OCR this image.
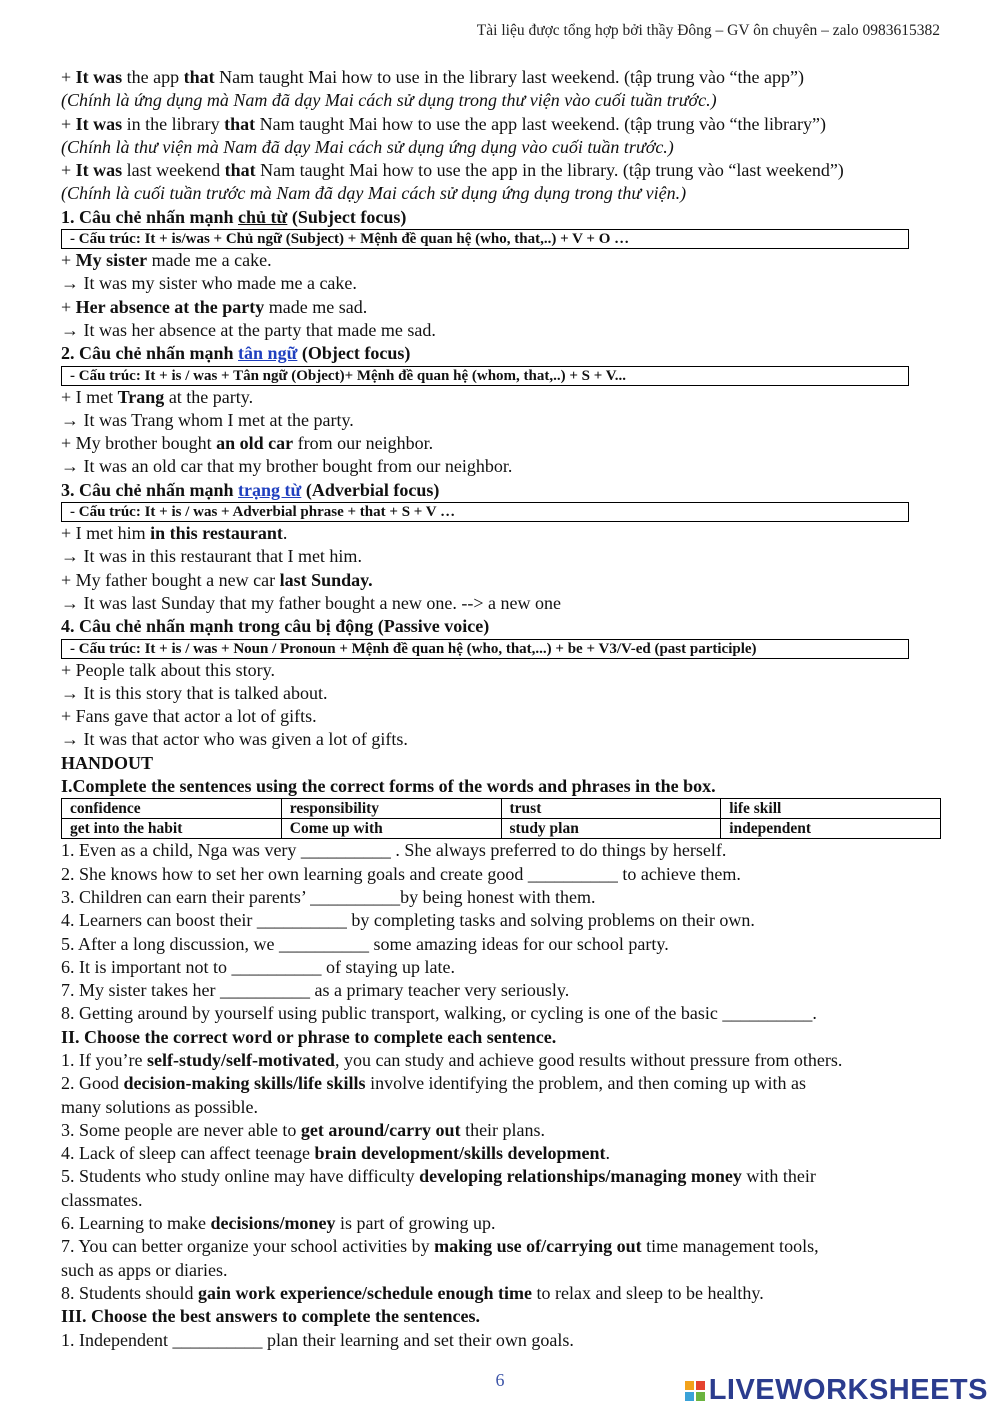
Tài liệu được tổng hợp bởi thầy Đông – GV ôn chuyên – zalo 0983615382
+ It was the app that Nam taught Mai how to use in the library last weekend. (tập trung vào “the app”)
(Chính là ứng dụng mà Nam đã dạy Mai cách sử dụng trong thư viện vào cuối tuần trước.)
+ It was in the library that Nam taught Mai how to use the app last weekend. (tập trung vào “the library”)
(Chính là thư viện mà Nam đã dạy Mai cách sử dụng ứng dụng vào cuối tuần trước.)
+ It was last weekend that Nam taught Mai how to use the app in the library. (tập trung vào “last weekend”)
(Chính là cuối tuần trước mà Nam đã dạy Mai cách sử dụng ứng dụng trong thư viện.)
1. Câu chẻ nhấn mạnh chủ từ (Subject focus)
- Cấu trúc: It + is/was + Chủ ngữ (Subject) + Mệnh đề quan hệ (who, that,..) + V + O …
+ My sister made me a cake.
→ It was my sister who made me a cake.
+ Her absence at the party made me sad.
→ It was her absence at the party that made me sad.
2. Câu chẻ nhấn mạnh tân ngữ (Object focus)
- Cấu trúc: It + is / was + Tân ngữ (Object)+ Mệnh đề quan hệ (whom, that,..) + S + V...
+ I met Trang at the party.
→ It was Trang whom I met at the party.
+ My brother bought an old car from our neighbor.
→ It was an old car that my brother bought from our neighbor.
3. Câu chẻ nhấn mạnh trạng từ (Adverbial focus)
- Cấu trúc: It + is / was + Adverbial phrase + that + S + V …
+ I met him in this restaurant.
→ It was in this restaurant that I met him.
+ My father bought a new car last Sunday.
→ It was last Sunday that my father bought a new one. --> a new one
4. Câu chẻ nhấn mạnh trong câu bị động (Passive voice)
- Cấu trúc: It + is / was + Noun / Pronoun + Mệnh đề quan hệ (who, that,...) + be + V3/V-ed (past participle)
+ People talk about this story.
→ It is this story that is talked about.
+ Fans gave that actor a lot of gifts.
→ It was that actor who was given a lot of gifts.
HANDOUT
I.Complete the sentences using the correct forms of the words and phrases in the box.
confidence	responsibility	trust	life skill
get into the habit	Come up with	study plan	independent
1. Even as a child, Nga was very __________ . She always preferred to do things by herself.
2. She knows how to set her own learning goals and create good __________ to achieve them.
3. Children can earn their parents’ __________by being honest with them.
4. Learners can boost their __________ by completing tasks and solving problems on their own.
5. After a long discussion, we __________ some amazing ideas for our school party.
6. It is important not to __________ of staying up late.
7. My sister takes her __________ as a primary teacher very seriously.
8. Getting around by yourself using public transport, walking, or cycling is one of the basic __________.
II. Choose the correct word or phrase to complete each sentence.
1. If you’re self-study/self-motivated, you can study and achieve good results without pressure from others.
2. Good decision-making skills/life skills involve identifying the problem, and then coming up with as
many solutions as possible.
3. Some people are never able to get around/carry out their plans.
4. Lack of sleep can affect teenage brain development/skills development.
5. Students who study online may have difficulty developing relationships/managing money with their
classmates.
6. Learning to make decisions/money is part of growing up.
7. You can better organize your school activities by making use of/carrying out time management tools,
such as apps or diaries.
8. Students should gain work experience/schedule enough time to relax and sleep to be healthy.
III. Choose the best answers to complete the sentences.
1. Independent __________ plan their learning and set their own goals.
6	LIVEWORKSHEETS
